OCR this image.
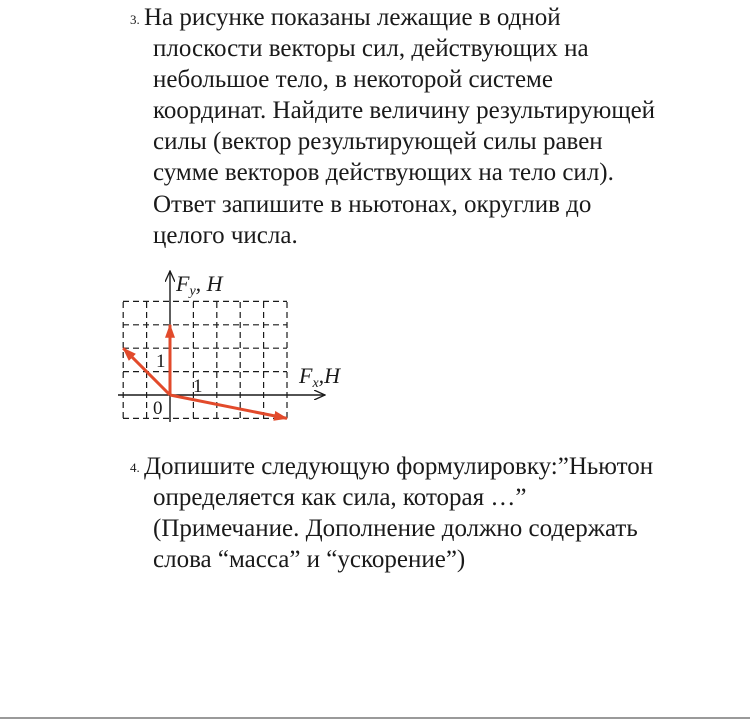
3. На рисунке показаны лежащие в одной
плоскости векторы сил, действующих на
небольшое тело, в некоторой системе
координат. Найдите величину результирующей
силы (вектор результирующей силы равен
сумме векторов действующих на тело сил).
Ответ запишите в ньютонах, округлив до
целого числа.
Fy, H
Fx,H
0
1
1
4. Допишите следующую формулировку:”Ньютон
определяется как сила, которая …”
(Примечание. Дополнение должно содержать
слова “масса” и “ускорение”)
